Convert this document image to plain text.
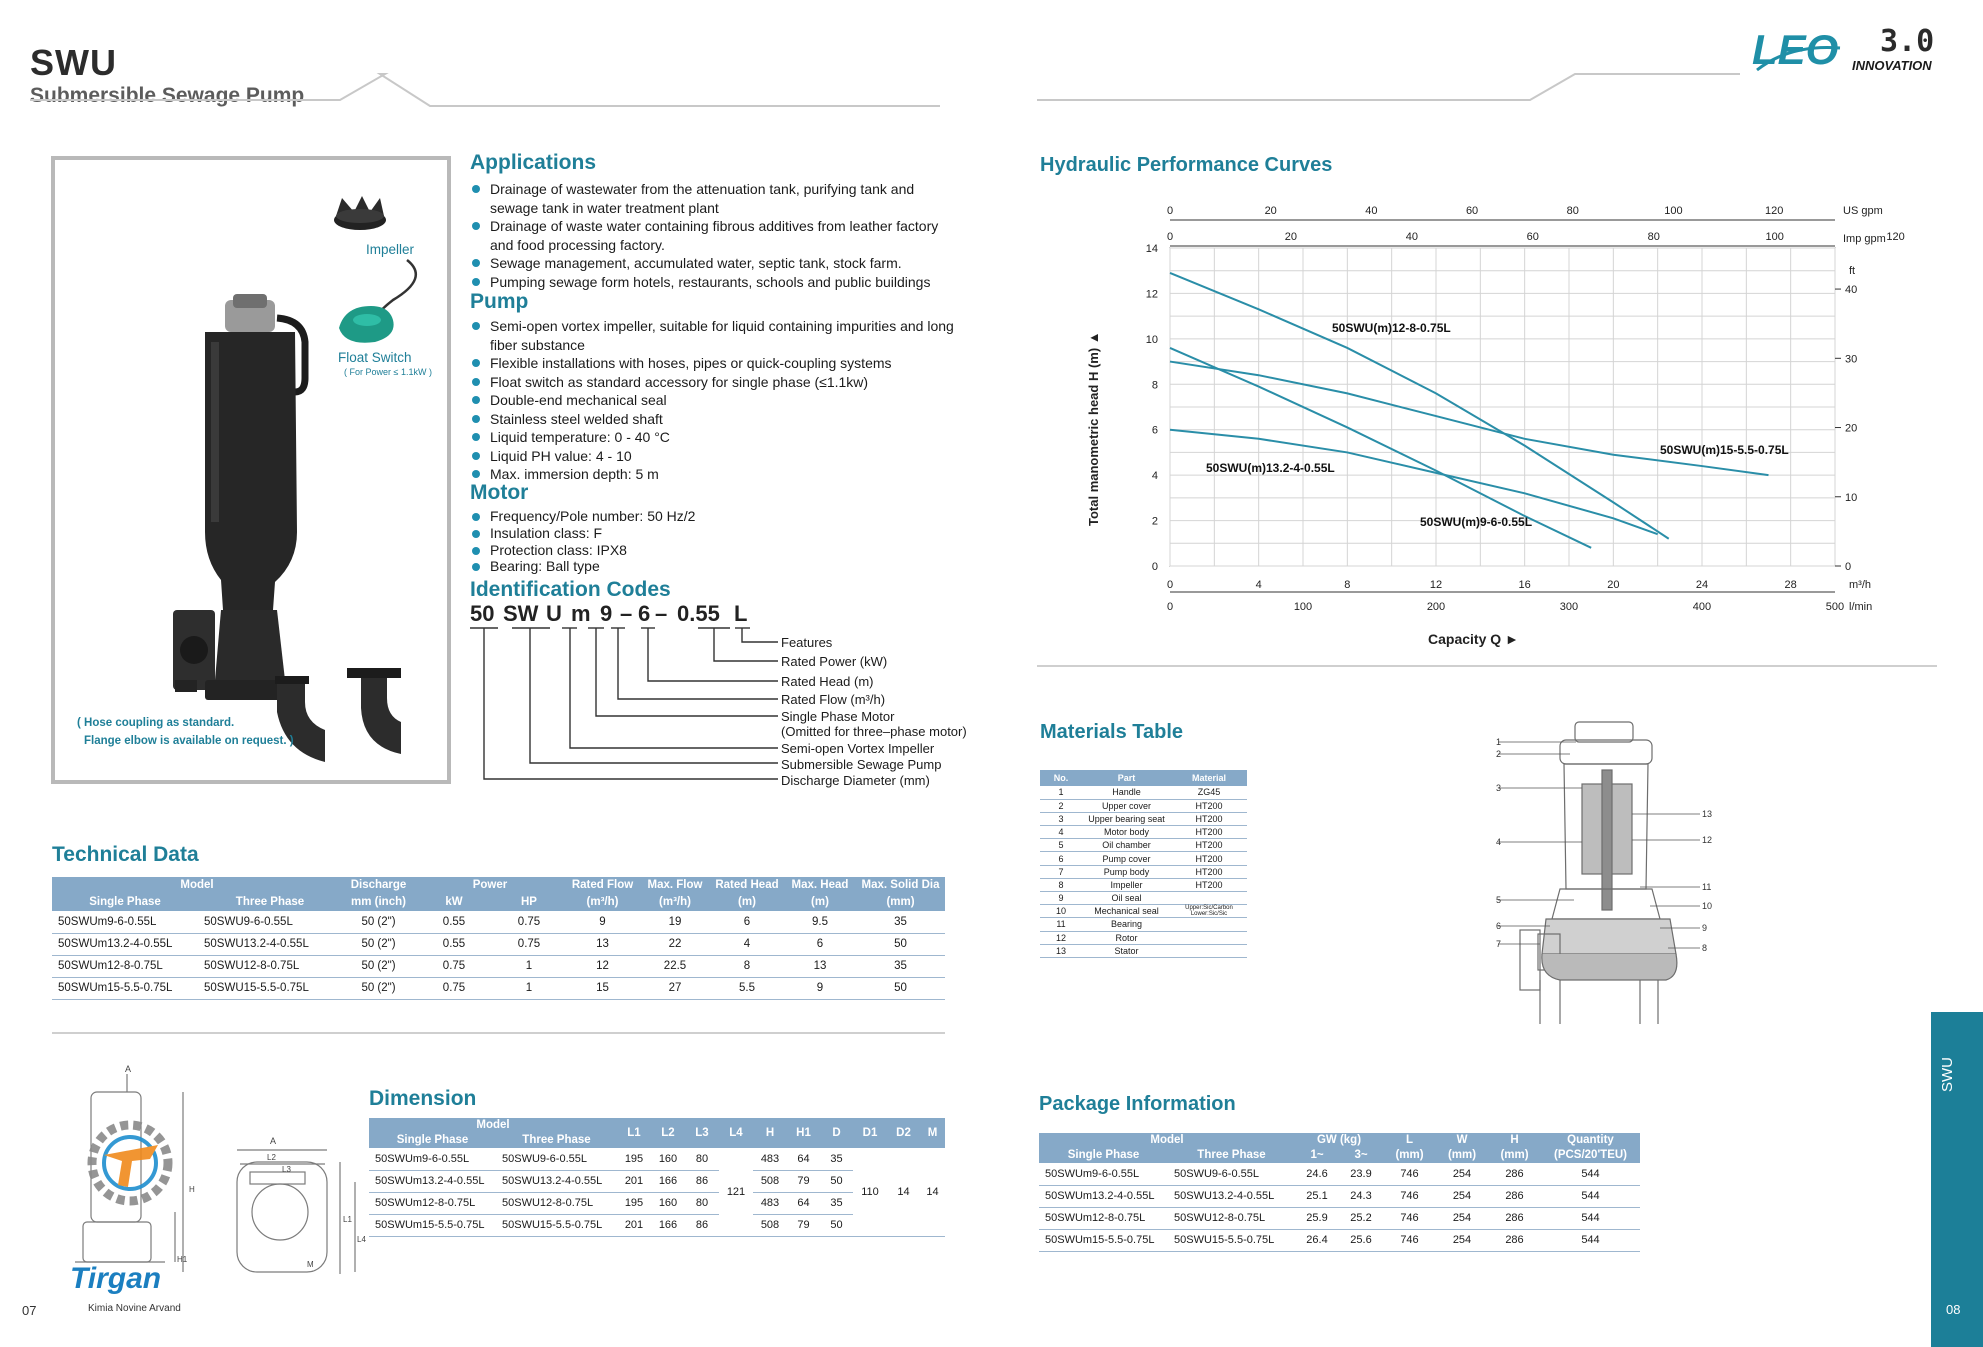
SWU
Submersible Sewage Pump
LEO 3.0
INNOVATION
Impeller
Float Switch
( For Power ≤ 1.1kW )
( Hose coupling as standard.
Flange elbow is available on request. )
Applications
Drainage of wastewater from the attenuation tank, purifying tank and
sewage tank in water treatment plant
Drainage of waste water containing fibrous additives from leather factory
and food processing factory.
Sewage management, accumulated water, septic tank, stock farm.
Pumping sewage form hotels, restaurants, schools and public buildings
Pump
Semi-open vortex impeller, suitable for liquid containing impurities and long
fiber substance
Flexible installations with hoses, pipes or quick-coupling systems
Float switch as standard accessory for single phase (≤1.1kw)
Double-end mechanical seal
Stainless steel welded shaft
Liquid temperature: 0 - 40 °C
Liquid PH value: 4 - 10
Max. immersion depth: 5 m
Motor
Frequency/Pole number: 50 Hz/2
Insulation class: F
Protection class: IPX8
Bearing: Ball type
Identification Codes
50 SW U m 9 – 6 – 0.55 L
Features
Rated Power (kW)
Rated Head (m)
Rated Flow (m³/h)
Single Phase Motor
(Omitted for three–phase motor)
Semi-open Vortex Impeller
Submersible Sewage Pump
Discharge Diameter (mm)
Technical Data
Model		Discharge	Power		Rated Flow	Max. Flow	Rated Head	Max. Head	Max. Solid Dia
Single Phase	Three Phase	mm (inch)	kW	HP	(m³/h)	(m³/h)	(m)	(m)	(mm)
50SWUm9-6-0.55L	50SWU9-6-0.55L	50 (2")	0.55	0.75	9	19	6	9.5	35
50SWUm13.2-4-0.55L	50SWU13.2-4-0.55L	50 (2")	0.55	0.75	13	22	4	6	50
50SWUm12-8-0.75L	50SWU12-8-0.75L	50 (2")	0.75	1	12	22.5	8	13	35
50SWUm15-5.5-0.75L	50SWU15-5.5-0.75L	50 (2")	0.75	1	15	27	5.5	9	50
A
A
L2
L3
H
H1
L1
L4
M
Tirgan
Kimia Novine Arvand
Dimension
Model		L1	L2	L3	L4	H	H1	D	D1	D2	M
Single Phase	Three Phase										
50SWUm9-6-0.55L	50SWU9-6-0.55L	195	160	80	121	483	64	35	110	14	14
50SWUm13.2-4-0.55L	50SWU13.2-4-0.55L	201	166	86		508	79	50			
50SWUm12-8-0.75L	50SWU12-8-0.75L	195	160	80		483	64	35			
50SWUm15-5.5-0.75L	50SWU15-5.5-0.75L	201	166	86		508	79	50			
07
Hydraulic Performance Curves
0
2
4
6
8
10
12
14
0
10
20
30
40
0	4	8	12	16	20	24	28
0	100	200	300	400	500
0	20	40	60	80	100	120
0	20	40	60	80	100	120
US gpm
Imp gpm
ft
m³/h
l/min
Total manometric head H (m) ▲
Capacity Q ►
50SWU(m)12-8-0.75L
50SWU(m)15-5.5-0.75L
50SWU(m)13.2-4-0.55L
50SWU(m)9-6-0.55L
Materials Table
No.	Part	Material
1	Handle	ZG45
2	Upper cover	HT200
3	Upper bearing seat	HT200
4	Motor body	HT200
5	Oil chamber	HT200
6	Pump cover	HT200
7	Pump body	HT200
8	Impeller	HT200
9	Oil seal	
10	Mechanical seal	Upper:Sic/Carbon Lower:Sic/Sic
11	Bearing	
12	Rotor	
13	Stator	
1
2
3
4
5
6
7
13
12
11
10
9
8
Package Information
Model		GW (kg)		L	W	H	Quantity
Single Phase	Three Phase	1~	3~	(mm)	(mm)	(mm)	(PCS/20'TEU)
50SWUm9-6-0.55L	50SWU9-6-0.55L	24.6	23.9	746	254	286	544
50SWUm13.2-4-0.55L	50SWU13.2-4-0.55L	25.1	24.3	746	254	286	544
50SWUm12-8-0.75L	50SWU12-8-0.75L	25.9	25.2	746	254	286	544
50SWUm15-5.5-0.75L	50SWU15-5.5-0.75L	26.4	25.6	746	254	286	544
SWU
08
